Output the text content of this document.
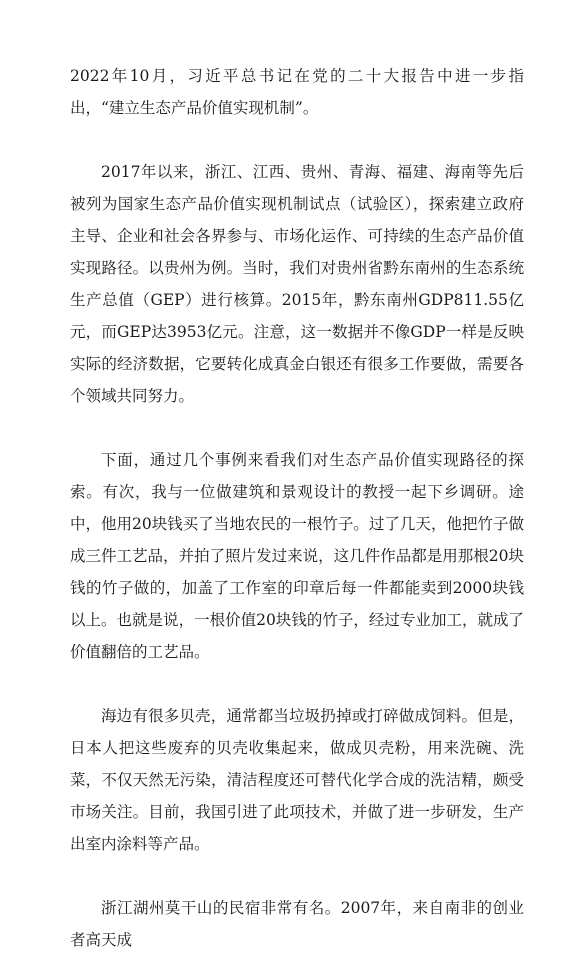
2022年10月，习近平总书记在党的二十大报告中进一步指出，“建立生态产品价值实现机制”。

2017年以来，浙江、江西、贵州、青海、福建、海南等先后被列为国家生态产品价值实现机制试点（试验区），探索建立政府主导、企业和社会各界参与、市场化运作、可持续的生态产品价值实现路径。以贵州为例。当时，我们对贵州省黔东南州的生态系统生产总值（GEP）进行核算。2015年，黔东南州GDP811.55亿元，而GEP达3953亿元。注意，这一数据并不像GDP一样是反映实际的经济数据，它要转化成真金白银还有很多工作要做，需要各个领域共同努力。

下面，通过几个事例来看我们对生态产品价值实现路径的探索。有次，我与一位做建筑和景观设计的教授一起下乡调研。途中，他用20块钱买了当地农民的一根竹子。过了几天，他把竹子做成三件工艺品，并拍了照片发过来说，这几件作品都是用那根20块钱的竹子做的，加盖了工作室的印章后每一件都能卖到2000块钱以上。也就是说，一根价值20块钱的竹子，经过专业加工，就成了价值翻倍的工艺品。

海边有很多贝壳，通常都当垃圾扔掉或打碎做成饲料。但是，日本人把这些废弃的贝壳收集起来，做成贝壳粉，用来洗碗、洗菜，不仅天然无污染，清洁程度还可替代化学合成的洗洁精，颇受市场关注。目前，我国引进了此项技术，并做了进一步研发，生产出室内涂料等产品。

浙江湖州莫干山的民宿非常有名。2007年，来自南非的创业者高天成
